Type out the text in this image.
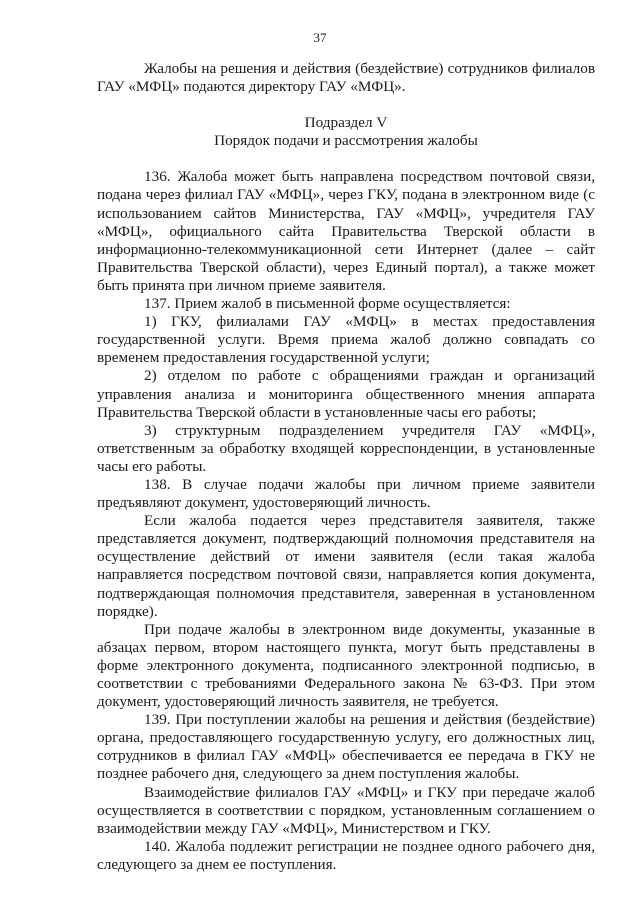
37

Жалобы на решения и действия (бездействие) сотрудников филиалов ГАУ «МФЦ» подаются директору ГАУ «МФЦ».

Подраздел V

Порядок подачи и рассмотрения жалобы

136. Жалоба может быть направлена посредством почтовой связи, подана через филиал ГАУ «МФЦ», через ГКУ, подана в электронном виде (с использованием сайтов Министерства, ГАУ «МФЦ», учредителя ГАУ «МФЦ», официального сайта Правительства Тверской области в информационно-телекоммуникационной сети Интернет (далее – сайт Правительства Тверской области), через Единый портал), а также может быть принята при личном приеме заявителя.

137. Прием жалоб в письменной форме осуществляется:

1) ГКУ, филиалами ГАУ «МФЦ» в местах предоставления государственной услуги. Время приема жалоб должно совпадать со временем предоставления государственной услуги;

2) отделом по работе с обращениями граждан и организаций управления анализа и мониторинга общественного мнения аппарата Правительства Тверской области в установленные часы его работы;

3) структурным подразделением учредителя ГАУ «МФЦ», ответственным за обработку входящей корреспонденции, в установленные часы его работы.

138. В случае подачи жалобы при личном приеме заявители предъявляют документ, удостоверяющий личность.

Если жалоба подается через представителя заявителя, также представляется документ, подтверждающий полномочия представителя на осуществление действий от имени заявителя (если такая жалоба направляется посредством почтовой связи, направляется копия документа, подтверждающая полномочия представителя, заверенная в установленном порядке).

При подаче жалобы в электронном виде документы, указанные в абзацах первом, втором настоящего пункта, могут быть представлены в форме электронного документа, подписанного электронной подписью, в соответствии с требованиями Федерального закона № 63-ФЗ. При этом документ, удостоверяющий личность заявителя, не требуется.

139. При поступлении жалобы на решения и действия (бездействие) органа, предоставляющего государственную услугу, его должностных лиц, сотрудников в филиал ГАУ «МФЦ» обеспечивается ее передача в ГКУ не позднее рабочего дня, следующего за днем поступления жалобы.

Взаимодействие филиалов ГАУ «МФЦ» и ГКУ при передаче жалоб осуществляется в соответствии с порядком, установленным соглашением о взаимодействии между ГАУ «МФЦ», Министерством и ГКУ.

140. Жалоба подлежит регистрации не позднее одного рабочего дня, следующего за днем ее поступления.
